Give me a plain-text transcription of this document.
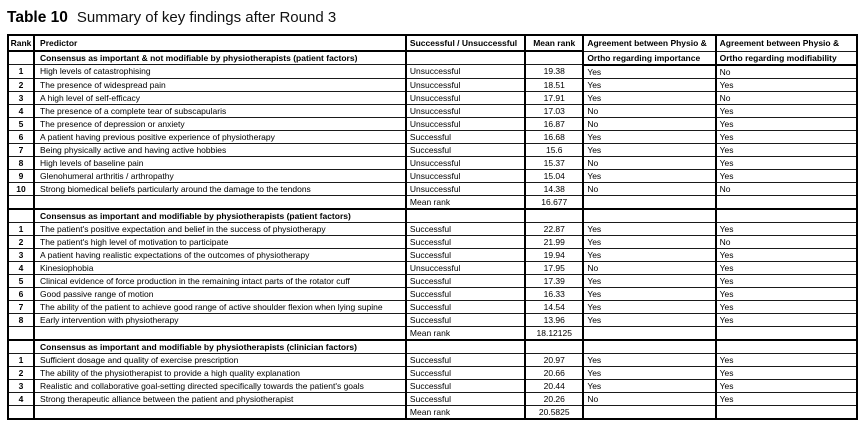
Table 10 Summary of key findings after Round 3
Rank	Predictor	Successful / Unsuccessful	Mean rank	Agreement between Physio &	Agreement between Physio &
	Consensus as important & not modifiable by physiotherapists (patient factors)			Ortho regarding importance	Ortho regarding modifiability
1	High levels of catastrophising	Unsuccessful	19.38	Yes	No
2	The presence of widespread pain	Unsuccessful	18.51	Yes	Yes
3	A high level of self-efficacy	Unsuccessful	17.91	Yes	No
4	The presence of a complete tear of subscapularis	Unsuccessful	17.03	No	Yes
5	The presence of depression or anxiety	Unsuccessful	16.87	No	Yes
6	A patient having previous positive experience of physiotherapy	Successful	16.68	Yes	Yes
7	Being physically active and having active hobbies	Successful	15.6	Yes	Yes
8	High levels of baseline pain	Unsuccessful	15.37	No	Yes
9	Glenohumeral arthritis / arthropathy	Unsuccessful	15.04	Yes	Yes
10	Strong biomedical beliefs particularly around the damage to the tendons	Unsuccessful	14.38	No	No
		Mean rank	16.677		
	Consensus as important and modifiable by physiotherapists (patient factors)				
1	The patient's positive expectation and belief in the success of physiotherapy	Successful	22.87	Yes	Yes
2	The patient's high level of motivation to participate	Successful	21.99	Yes	No
3	A patient having realistic expectations of the outcomes of physiotherapy	Successful	19.94	Yes	Yes
4	Kinesiophobia	Unsuccessful	17.95	No	Yes
5	Clinical evidence of force production in the remaining intact parts of the rotator cuff	Successful	17.39	Yes	Yes
6	Good passive range of motion	Successful	16.33	Yes	Yes
7	The ability of the patient to achieve good range of active shoulder flexion when lying supine	Successful	14.54	Yes	Yes
8	Early intervention with physiotherapy	Successful	13.96	Yes	Yes
		Mean rank	18.12125		
	Consensus as important and modifiable by physiotherapists (clinician factors)				
1	Sufficient dosage and quality of exercise prescription	Successful	20.97	Yes	Yes
2	The ability of the physiotherapist to provide a high quality explanation	Successful	20.66	Yes	Yes
3	Realistic and collaborative goal-setting directed specifically towards the patient's goals	Successful	20.44	Yes	Yes
4	Strong therapeutic alliance between the patient and physiotherapist	Successful	20.26	No	Yes
		Mean rank	20.5825		
